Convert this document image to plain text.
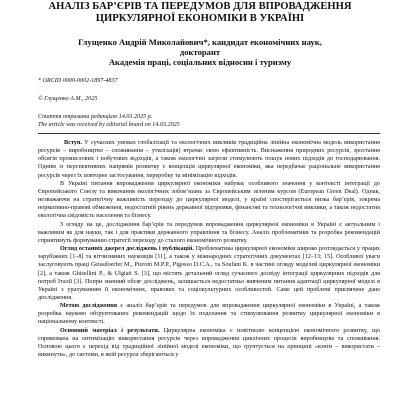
АНАЛІЗ БАР’ЄРІВ ТА ПЕРЕДУМОВ ДЛЯ ВПРОВАДЖЕННЯ
ЦИРКУЛЯРНОЇ ЕКОНОМІКИ В УКРАЇНІ
Глущенко Андрій Миколайович*, кандидат економічних наук,
докторант
Академія праці, соціальних відносин і туризму
* ORCID 0000-0002-1897-4837
© Глущенко А.М., 2025
Стаття отримана редакцією 14.03.2025 р.
The article was received by editorial board on 14.03.2025

Вступ. У сучасних умовах глобалізації та екологічних викликів традиційна лінійна економічна модель використання ресурсів – виробництво – споживання – утилізація) втрачає свою ефективність. Виснаження природних ресурсів, зростання обсягів промислових і побутових відходів, а також екологічні загрози стимулюють пошук нових підходів до господарювання. Одним із перспективних напрямів розвитку є концепція циркулярної економіки, яка передбачає раціональне використання ресурсів через їх повторне застосування, переробку та мінімізацію відходів.

В Україні питання впровадження циркулярної економіки набуває особливого значення у контексті інтеграції до Європейського Союзу та виконання екологічних зобов’язань за Європейським зеленим курсом (European Green Deal). Однак, незважаючи на стратегічну важливість переходу до циркулярної моделі, у країні спостерігається низка бар’єрів, зокрема нормативно-правові обмеження, недостатній рівень державної підтримки, фінансові та технологічні виклики, а також недостатня екологічна свідомість населення та бізнесу.

З огляду на це, дослідження бар’єрів та передумов впровадження циркулярної економіки в Україні є актуальним і важливим як для науки, так і для практики державного управління та бізнесу. Аналіз проблематики та розробка рекомендацій сприятимуть формуванню стратегії переходу до сталого економічного розвитку.

Огляд останніх джерел досліджень і публікацій. Проблематика циркулярної економіки широко розглядається у працях зарубіжних [1–8] та вітчизняних науковців [11], а також у міжнародних стратегічних документах [12–13; 15]. Особливої уваги заслуговують праці Geissdoerfer M., Pieroni M.P.P., Pigosso D.C.A., та Soufani K. в частині огляду моделей циркулярної економіки [2], а також Ghisellini P., & Ulgiati S. [3], що містять детальний огляд сучасного досвіду інтеграції циркулярних підходів для потреб Італії [3]. Попри значний обсяг досліджень, залишається недостатньо вивченим питання адаптації циркулярної моделі в Україні з урахуванням її економічних, правових та соціокультурних особливостей. Саме цей проблемі присвячене дане дослідження.

Метою дослідження є аналіз бар’єрів та передумов для впровадження циркулярної економіки в Україні, а також розробка науково обґрунтованих рекомендацій щодо їх подолання та стимулювання розвитку циркулярної економіки в національному контексті.

Основний матеріал і результати. Циркулярна економіка є новітньою концепцією економічного розвитку, що спрямована на оптимізацію використання ресурсів через впровадження циклічних процесів виробництва та споживання. Основою цього є перехід від традиційної лінійної моделі економіки, що ґрунтується на принципі «взяти – використати – викинути», до системи, в якій ресурси зберігаються у
